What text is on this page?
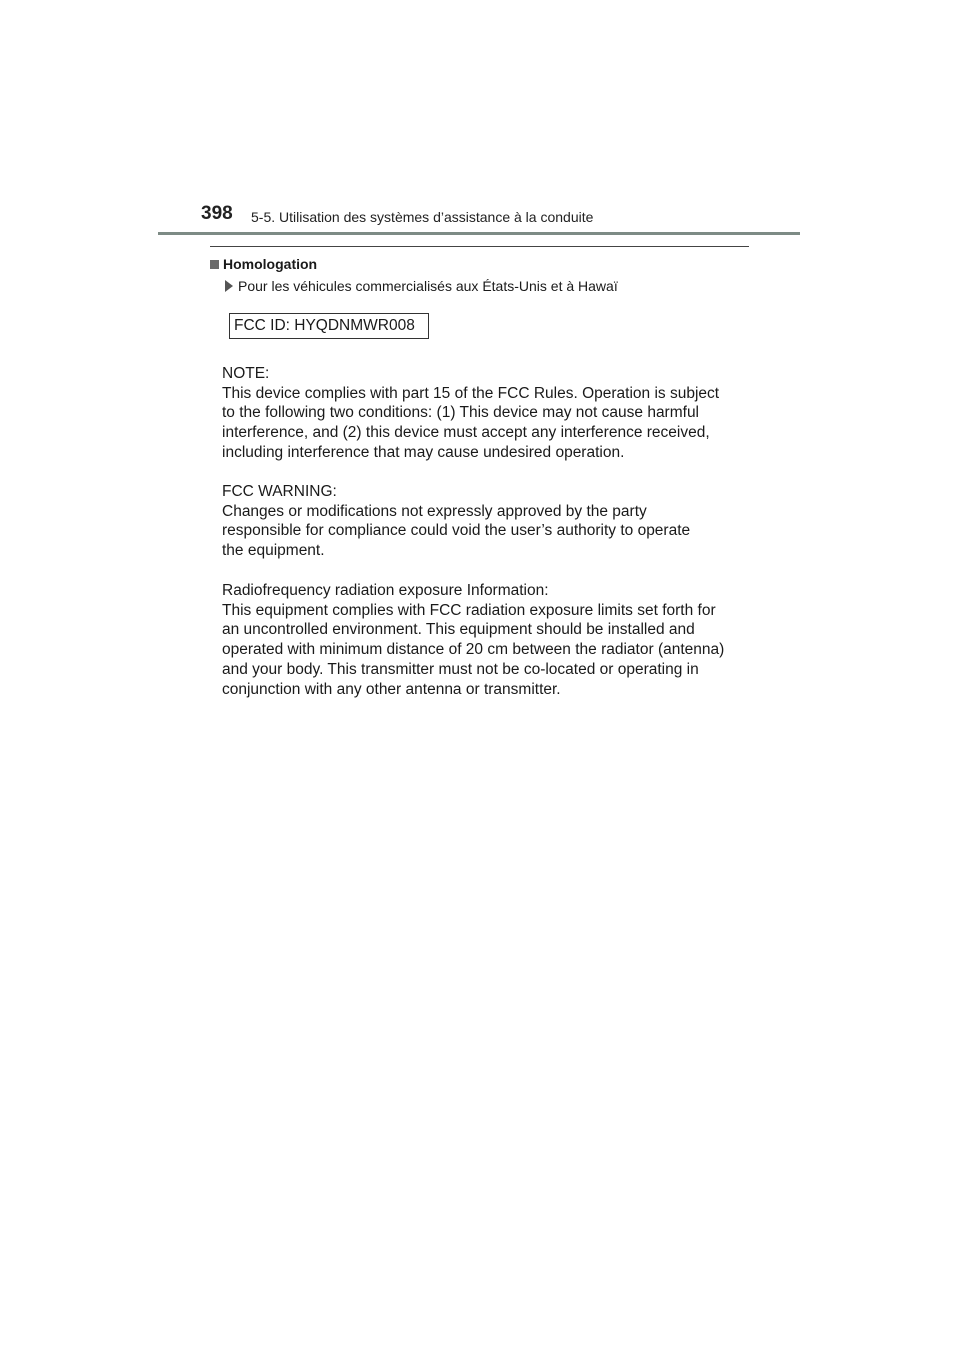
398 5-5. Utilisation des systèmes d’assistance à la conduite
Homologation
Pour les véhicules commercialisés aux États-Unis et à Hawaï
FCC ID: HYQDNMWR008

NOTE:

This device complies with part 15 of the FCC Rules. Operation is subject

to the following two conditions: (1) This device may not cause harmful

interference, and (2) this device must accept any interference received,

including interference that may cause undesired operation.

FCC WARNING:

Changes or modifications not expressly approved by the party

responsible for compliance could void the user’s authority to operate

the equipment.

Radiofrequency radiation exposure Information:

This equipment complies with FCC radiation exposure limits set forth for

an uncontrolled environment. This equipment should be installed and

operated with minimum distance of 20 cm between the radiator (antenna)

and your body. This transmitter must not be co-located or operating in

conjunction with any other antenna or transmitter.
